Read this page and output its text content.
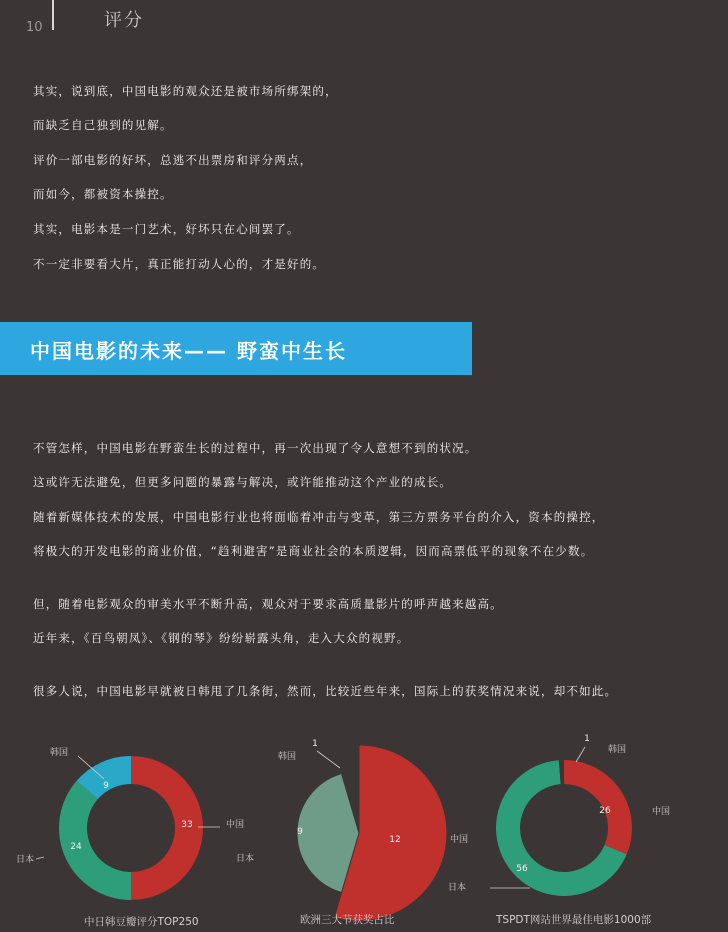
10	评分
其实，说到底，中国电影的观众还是被市场所绑架的，
而缺乏自己独到的见解。
评价一部电影的好坏，总逃不出票房和评分两点，
而如今，都被资本操控。
其实，电影本是一门艺术，好坏只在心间罢了。
不一定非要看大片，真正能打动人心的，才是好的。
中国电影的未来—— 野蛮中生长
不管怎样，中国电影在野蛮生长的过程中，再一次出现了令人意想不到的状况。
这或许无法避免，但更多问题的暴露与解决，或许能推动这个产业的成长。
随着新媒体技术的发展，中国电影行业也将面临着冲击与变革，第三方票务平台的介入，资本的操控，
将极大的开发电影的商业价值，“趋利避害”是商业社会的本质逻辑，因而高票低平的现象不在少数。
但，随着电影观众的审美水平不断升高，观众对于要求高质量影片的呼声越来越高。
近年来，《百鸟朝凤》、《钢的琴》纷纷崭露头角，走入大众的视野。
很多人说，中国电影早就被日韩甩了几条街，然而，比较近些年来，国际上的获奖情况来说，却不如此。
33	中国
24
日本
9
韩国
中日韩豆瓣评分TOP250
12	中国
9
日本
1
韩国
欧洲三大节获奖占比
26	中国
56
日本
1
韩国
TSPDT网站世界最佳电影1000部
